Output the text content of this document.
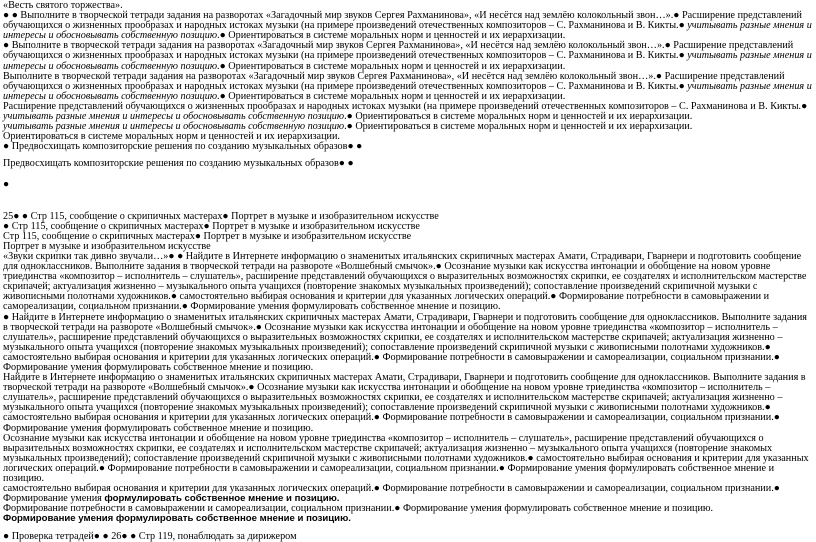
«Весть святого торжества».

● ● Выполните в творческой тетради задания на разворотах «Загадочный мир звуков Сергея Рахманинова», «И несётся над землёю колокольный звон…».● Расширение представлений обучающихся о жизненных прообразах и народных истоках музыки (на примере произведений отечественных композиторов – С. Рахманинова и В. Кикты.● учитывать разные мнения и интересы и обосновывать собственную позицию.● Ориентироваться в системе моральных норм и ценностей и их иерархизации.

● Выполните в творческой тетради задания на разворотах «Загадочный мир звуков Сергея Рахманинова», «И несётся над землёю колокольный звон…».● Расширение представлений обучающихся о жизненных прообразах и народных истоках музыки (на примере произведений отечественных композиторов – С. Рахманинова и В. Кикты.● учитывать разные мнения и интересы и обосновывать собственную позицию.● Ориентироваться в системе моральных норм и ценностей и их иерархизации.

Выполните в творческой тетради задания на разворотах «Загадочный мир звуков Сергея Рахманинова», «И несётся над землёю колокольный звон…».● Расширение представлений обучающихся о жизненных прообразах и народных истоках музыки (на примере произведений отечественных композиторов – С. Рахманинова и В. Кикты.● учитывать разные мнения и интересы и обосновывать собственную позицию.● Ориентироваться в системе моральных норм и ценностей и их иерархизации.

Расширение представлений обучающихся о жизненных прообразах и народных истоках музыки (на примере произведений отечественных композиторов – С. Рахманинова и В. Кикты.● учитывать разные мнения и интересы и обосновывать собственную позицию.● Ориентироваться в системе моральных норм и ценностей и их иерархизации.

учитывать разные мнения и интересы и обосновывать собственную позицию.● Ориентироваться в системе моральных норм и ценностей и их иерархизации.

Ориентироваться в системе моральных норм и ценностей и их иерархизации.

● Предвосхищать композиторские решения по созданию музыкальных образов● ●

Предвосхищать композиторские решения по созданию музыкальных образов● ●

●

25● ● Стр 115, сообщение о скрипичных мастерах● Портрет в музыке и изобразительном искусстве

● Стр 115, сообщение о скрипичных мастерах● Портрет в музыке и изобразительном искусстве

Стр 115, сообщение о скрипичных мастерах● Портрет в музыке и изобразительном искусстве

Портрет в музыке и изобразительном искусстве

«Звуки скрипки так дивно звучали…»● ● Найдите в Интернете информацию о знаменитых итальянских скрипичных мастерах Амати, Страдивари, Гварнери и подготовить сообщение для одноклассников. Выполните задания в творческой тетради на развороте «Волшебный смычок».● Осознание музыки как искусства интонации и обобщение на новом уровне триединства «композитор – исполнитель – слушатель», расширение представлений обучающихся о выразительных возможностях скрипки, ее создателях и исполнительском мастерстве скрипачей; актуализация жизненно – музыкального опыта учащихся (повторение знакомых музыкальных произведений); сопоставление произведений скрипичной музыки с живописными полотнами художников.● самостоятельно выбирая основания и критерии для указанных логических операций.● Формирование потребности в самовыражении и самореализации, социальном признании.● Формирование умения формулировать собственное мнение и позицию.

● Найдите в Интернете информацию о знаменитых итальянских скрипичных мастерах Амати, Страдивари, Гварнери и подготовить сообщение для одноклассников. Выполните задания в творческой тетради на развороте «Волшебный смычок».● Осознание музыки как искусства интонации и обобщение на новом уровне триединства «композитор – исполнитель – слушатель», расширение представлений обучающихся о выразительных возможностях скрипки, ее создателях и исполнительском мастерстве скрипачей; актуализация жизненно – музыкального опыта учащихся (повторение знакомых музыкальных произведений); сопоставление произведений скрипичной музыки с живописными полотнами художников.● самостоятельно выбирая основания и критерии для указанных логических операций.● Формирование потребности в самовыражении и самореализации, социальном признании.● Формирование умения формулировать собственное мнение и позицию.

Найдите в Интернете информацию о знаменитых итальянских скрипичных мастерах Амати, Страдивари, Гварнери и подготовить сообщение для одноклассников. Выполните задания в творческой тетради на развороте «Волшебный смычок».● Осознание музыки как искусства интонации и обобщение на новом уровне триединства «композитор – исполнитель – слушатель», расширение представлений обучающихся о выразительных возможностях скрипки, ее создателях и исполнительском мастерстве скрипачей; актуализация жизненно – музыкального опыта учащихся (повторение знакомых музыкальных произведений); сопоставление произведений скрипичной музыки с живописными полотнами художников.● самостоятельно выбирая основания и критерии для указанных логических операций.● Формирование потребности в самовыражении и самореализации, социальном признании.● Формирование умения формулировать собственное мнение и позицию.

Осознание музыки как искусства интонации и обобщение на новом уровне триединства «композитор – исполнитель – слушатель», расширение представлений обучающихся о выразительных возможностях скрипки, ее создателях и исполнительском мастерстве скрипачей; актуализация жизненно – музыкального опыта учащихся (повторение знакомых музыкальных произведений); сопоставление произведений скрипичной музыки с живописными полотнами художников.● самостоятельно выбирая основания и критерии для указанных логических операций.● Формирование потребности в самовыражении и самореализации, социальном признании.● Формирование умения формулировать собственное мнение и позицию.

самостоятельно выбирая основания и критерии для указанных логических операций.● Формирование потребности в самовыражении и самореализации, социальном признании.● Формирование умения формулировать собственное мнение и позицию.

Формирование потребности в самовыражении и самореализации, социальном признании.● Формирование умения формулировать собственное мнение и позицию.

Формирование умения формулировать собственное мнение и позицию.

● Проверка тетрадей● ● 26● ● Стр 119, понаблюдать за дирижером
